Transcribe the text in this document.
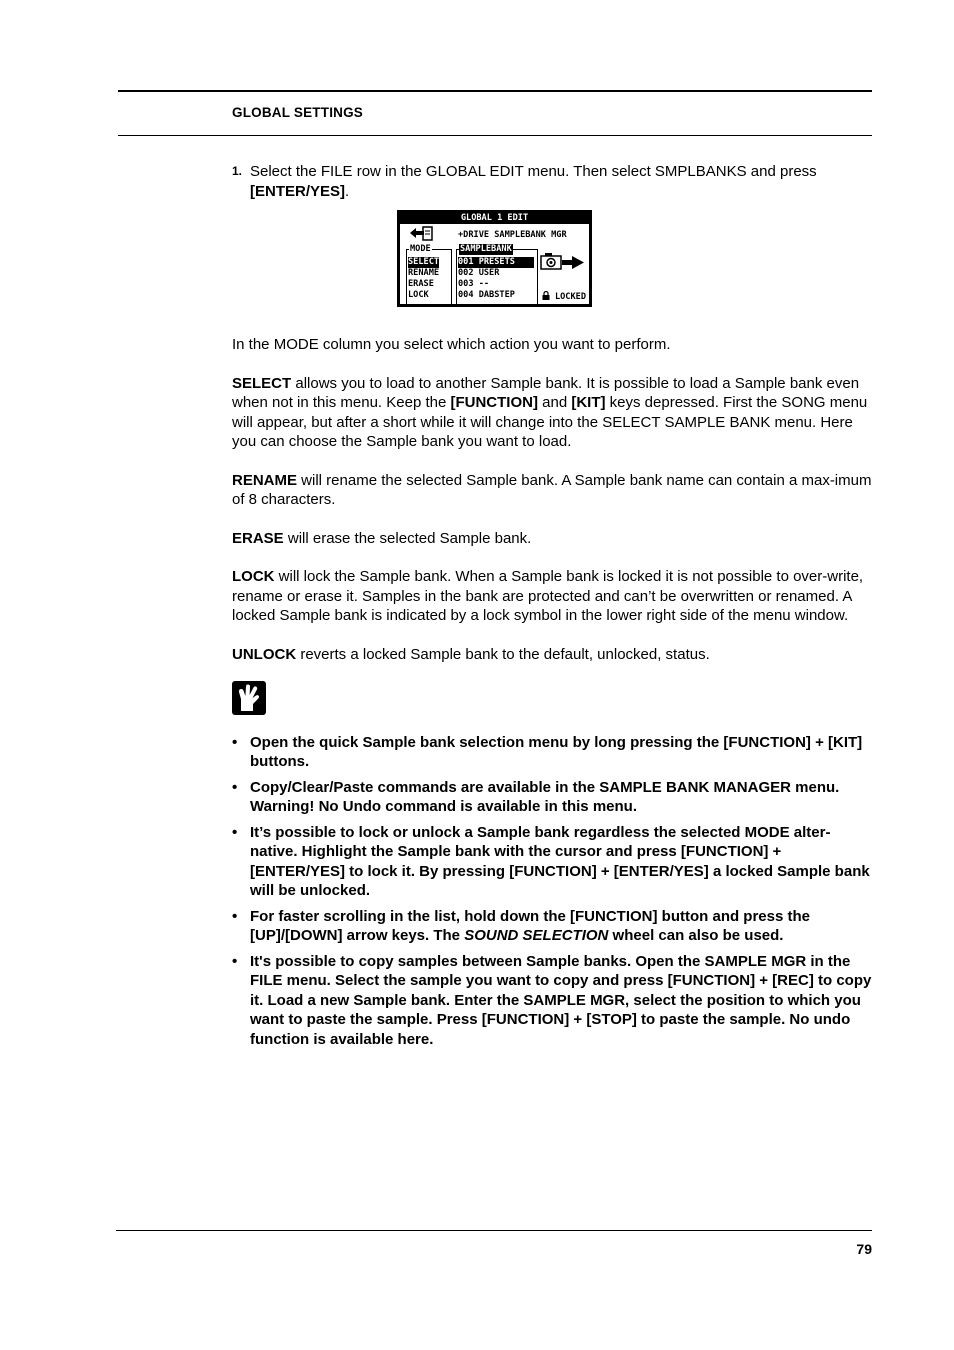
GLOBAL SETTINGS
1. Select the FILE row in the GLOBAL EDIT menu. Then select SMPLBANKS and press [ENTER/YES].
GLOBAL 1 EDIT
+DRIVE SAMPLEBANK MGR
MODE
SELECT
RENAME
ERASE
LOCK
SAMPLEBANK
001 PRESETS
002 USER
003 --
004 DABSTEP	LOCKED

In the MODE column you select which action you want to perform.

SELECT allows you to load to another Sample bank. It is possible to load a Sample bank even when not in this menu. Keep the [FUNCTION] and [KIT] keys depressed. First the SONG menu will appear, but after a short while it will change into the SELECT SAMPLE BANK menu. Here you can choose the Sample bank you want to load.

RENAME will rename the selected Sample bank. A Sample bank name can contain a max-imum of 8 characters.

ERASE will erase the selected Sample bank.

LOCK will lock the Sample bank. When a Sample bank is locked it is not possible to over-write, rename or erase it. Samples in the bank are protected and can’t be overwritten or renamed. A locked Sample bank is indicated by a lock symbol in the lower right side of the menu window.

UNLOCK reverts a locked Sample bank to the default, unlocked, status.

• Open the quick Sample bank selection menu by long pressing the [FUNCTION] + [KIT] buttons.
• Copy/Clear/Paste commands are available in the SAMPLE BANK MANAGER menu. Warning! No Undo command is available in this menu.
• It’s possible to lock or unlock a Sample bank regardless the selected MODE alter-native. Highlight the Sample bank with the cursor and press [FUNCTION] + [ENTER/YES] to lock it. By pressing [FUNCTION] + [ENTER/YES] a locked Sample bank will be unlocked.
• For faster scrolling in the list, hold down the [FUNCTION] button and press the [UP]/[DOWN] arrow keys. The SOUND SELECTION wheel can also be used.
• It's possible to copy samples between Sample banks. Open the SAMPLE MGR in the FILE menu. Select the sample you want to copy and press [FUNCTION] + [REC] to copy it. Load a new Sample bank. Enter the SAMPLE MGR, select the position to which you want to paste the sample. Press [FUNCTION] + [STOP] to paste the sample. No undo function is available here.
79
